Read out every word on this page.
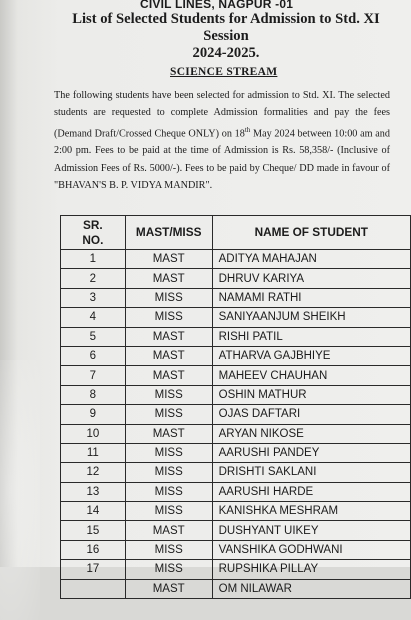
CIVIL LINES, NAGPUR -01
List of Selected Students for Admission to Std. XI Session
2024-2025.
SCIENCE STREAM
The following students have been selected for admission to Std. XI. The selected students are requested to complete Admission formalities and pay the fees (Demand Draft/Crossed Cheque ONLY) on 18th May 2024 between 10:00 am and 2:00 pm. Fees to be paid at the time of Admission is Rs. 58,358/- (Inclusive of Admission Fees of Rs. 5000/-). Fees to be paid by Cheque/ DD made in favour of "BHAVAN'S B. P. VIDYA MANDIR".
SR.
NO.	MAST/MISS	NAME OF STUDENT
1	MAST	ADITYA MAHAJAN
2	MAST	DHRUV KARIYA
3	MISS	NAMAMI RATHI
4	MISS	SANIYAANJUM SHEIKH
5	MAST	RISHI PATIL
6	MAST	ATHARVA GAJBHIYE
7	MAST	MAHEEV CHAUHAN
8	MISS	OSHIN MATHUR
9	MISS	OJAS DAFTARI
10	MAST	ARYAN NIKOSE
11	MISS	AARUSHI PANDEY
12	MISS	DRISHTI SAKLANI
13	MISS	AARUSHI HARDE
14	MISS	KANISHKA MESHRAM
15	MAST	DUSHYANT UIKEY
16	MISS	VANSHIKA GODHWANI
17	MISS	RUPSHIKA PILLAY
	MAST	OM NILAWAR
